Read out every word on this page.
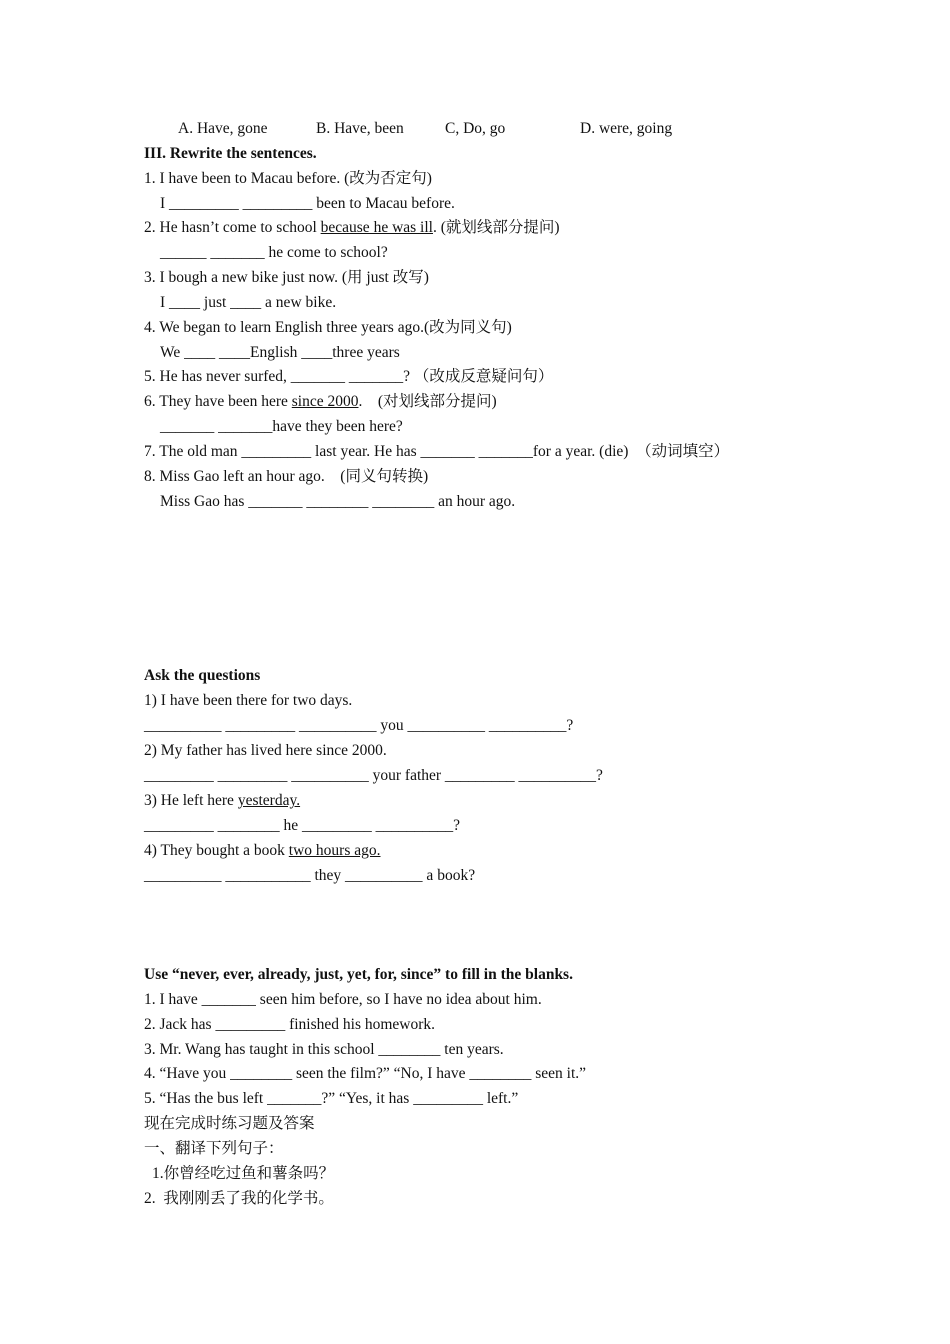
A. Have, gone	B. Have, been	C, Do, go	D. were, going
III. Rewrite the sentences.
1. I have been to Macau before. (改为否定句)
I _________ _________ been to Macau before.
2. He hasn’t come to school because he was ill. (就划线部分提问)
______ _______ he come to school?
3. I bough a new bike just now. (用 just 改写)
I ____ just ____ a new bike.
4. We began to learn English three years ago.(改为同义句)
We ____ ____English ____three years
5. He has never surfed, _______ _______? （改成反意疑问句）
6. They have been here since 2000.    (对划线部分提问)
_______ _______have they been here?
7. The old man _________ last year. He has _______ _______for a year. (die)  （动词填空）
8. Miss Gao left an hour ago.    (同义句转换)
Miss Gao has _______ ________ ________ an hour ago.
Ask the questions
1) I have been there for two days.
__________ _________ __________ you __________ __________?
2) My father has lived here since 2000.
_________ _________ __________ your father _________ __________?
3) He left here yesterday.
_________ ________ he _________ __________?
4) They bought a book two hours ago.
__________ ___________ they __________ a book?
Use “never, ever, already, just, yet, for, since” to fill in the blanks.
1. I have _______ seen him before, so I have no idea about him.
2. Jack has _________ finished his homework.
3. Mr. Wang has taught in this school ________ ten years.
4. “Have you ________ seen the film?” “No, I have ________ seen it.”
5. “Has the bus left _______?” “Yes, it has _________ left.”
现在完成时练习题及答案
一、翻译下列句子：
1.你曾经吃过鱼和薯条吗？
2.  我刚刚丢了我的化学书。
